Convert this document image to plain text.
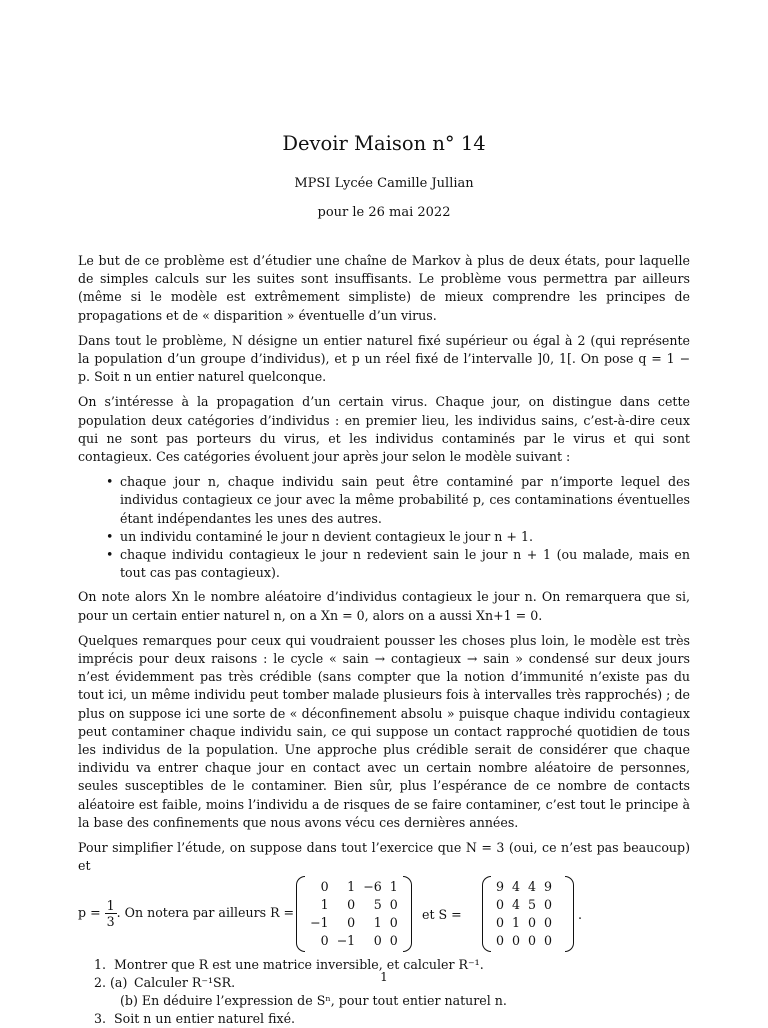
Devoir Maison n° 14
MPSI Lycée Camille Jullian
pour le 26 mai 2022

Le but de ce problème est d’étudier une chaîne de Markov à plus de deux états, pour laquelle de simples calculs sur les suites sont insuffisants. Le problème vous permettra par ailleurs (même si le modèle est extrêmement simpliste) de mieux comprendre les principes de propagations et de « disparition » éventuelle d’un virus.

Dans tout le problème, N désigne un entier naturel fixé supérieur ou égal à 2 (qui représente la population d’un groupe d’individus), et p un réel fixé de l’intervalle ]0, 1[. On pose q = 1 − p. Soit n un entier naturel quelconque.

On s’intéresse à la propagation d’un certain virus. Chaque jour, on distingue dans cette population deux catégories d’individus : en premier lieu, les individus sains, c’est-à-dire ceux qui ne sont pas porteurs du virus, et les individus contaminés par le virus et qui sont contagieux. Ces catégories évoluent jour après jour selon le modèle suivant :

• chaque jour n, chaque individu sain peut être contaminé par n’importe lequel des individus contagieux ce jour avec la même probabilité p, ces contaminations éventuelles étant indépendantes les unes des autres.
• un individu contaminé le jour n devient contagieux le jour n + 1.
• chaque individu contagieux le jour n redevient sain le jour n + 1 (ou malade, mais en tout cas pas contagieux).

On note alors Xn le nombre aléatoire d’individus contagieux le jour n. On remarquera que si, pour un certain entier naturel n, on a Xn = 0, alors on a aussi Xn+1 = 0.

Quelques remarques pour ceux qui voudraient pousser les choses plus loin, le modèle est très imprécis pour deux raisons : le cycle « sain → contagieux → sain » condensé sur deux jours n’est évidemment pas très crédible (sans compter que la notion d’immunité n’existe pas du tout ici, un même individu peut tomber malade plusieurs fois à intervalles très rapprochés) ; de plus on suppose ici une sorte de « déconfinement absolu » puisque chaque individu contagieux peut contaminer chaque individu sain, ce qui suppose un contact rapproché quotidien de tous les individus de la population. Une approche plus crédible serait de considérer que chaque individu va entrer chaque jour en contact avec un certain nombre aléatoire de personnes, seules susceptibles de le contaminer. Bien sûr, plus l’espérance de ce nombre de contacts aléatoire est faible, moins l’individu a de risques de se faire contaminer, c’est tout le principe à la base des confinements que nous avons vécu ces dernières années.

Pour simplifier l’étude, on suppose dans tout l’exercice que N = 3 (oui, ce n’est pas beaucoup) et

$p = \frac{1}{3}$ . On notera par ailleurs R =
0	1	−6	1
1	0	5	0
−1	0	1	0
0	−1	0	0
et S =
9	4	4	9
0	4	5	0
0	1	0	0
0	0	0	0
.
1. Montrer que R est une matrice inversible, et calculer R⁻¹.
2. (a) Calculer R⁻¹SR.
(b) En déduire l’expression de Sⁿ, pour tout entier naturel n.
3. Soit n un entier naturel fixé.
1
